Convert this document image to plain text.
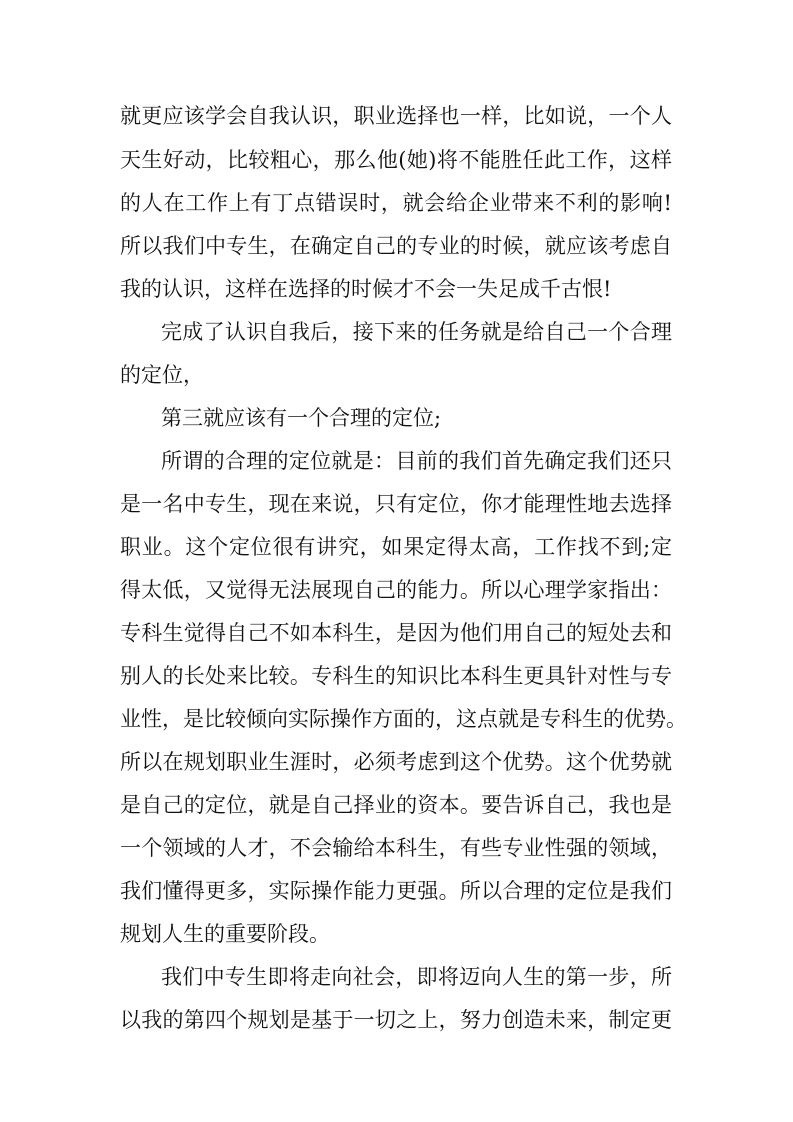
就更应该学会自我认识，职业选择也一样，比如说，一个人
天生好动，比较粗心，那么他(她)将不能胜任此工作，这样
的人在工作上有丁点错误时，就会给企业带来不利的影响!
所以我们中专生，在确定自己的专业的时候，就应该考虑自
我的认识，这样在选择的时候才不会一失足成千古恨!
完成了认识自我后，接下来的任务就是给自己一个合理
的定位，
第三就应该有一个合理的定位;
所谓的合理的定位就是：目前的我们首先确定我们还只
是一名中专生，现在来说，只有定位，你才能理性地去选择
职业。这个定位很有讲究，如果定得太高，工作找不到;定
得太低，又觉得无法展现自己的能力。所以心理学家指出：
专科生觉得自己不如本科生，是因为他们用自己的短处去和
别人的长处来比较。专科生的知识比本科生更具针对性与专
业性，是比较倾向实际操作方面的，这点就是专科生的优势。
所以在规划职业生涯时，必须考虑到这个优势。这个优势就
是自己的定位，就是自己择业的资本。要告诉自己，我也是
一个领域的人才，不会输给本科生，有些专业性强的领域，
我们懂得更多，实际操作能力更强。所以合理的定位是我们
规划人生的重要阶段。
我们中专生即将走向社会，即将迈向人生的第一步，所
以我的第四个规划是基于一切之上，努力创造未来，制定更
